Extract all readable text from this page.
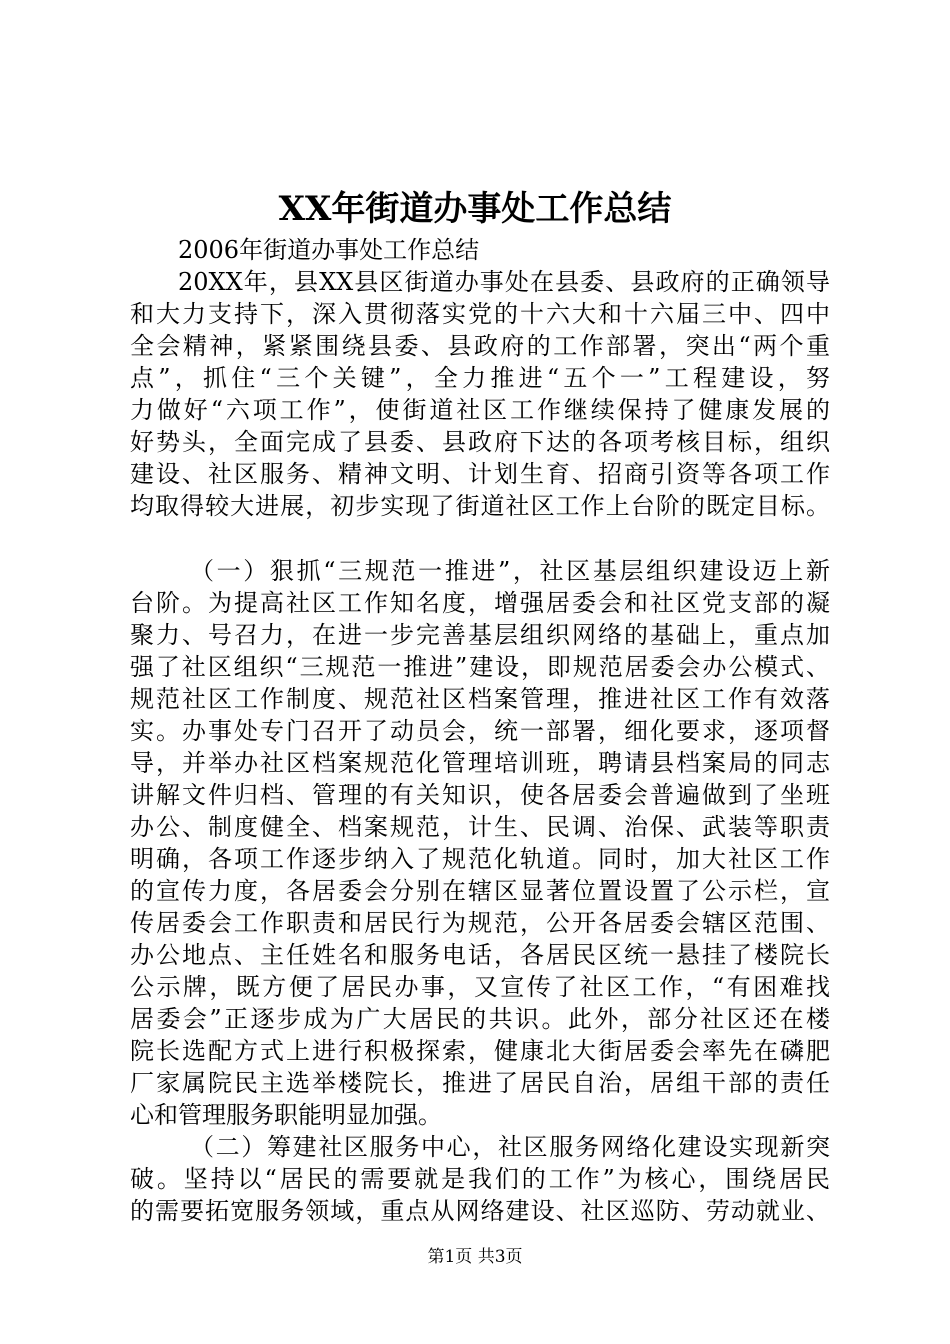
XX年街道办事处工作总结
2006年街道办事处工作总结
20XX年，县XX县区街道办事处在县委、县政府的正确领导
和大力支持下，深入贯彻落实党的十六大和十六届三中、四中
全会精神，紧紧围绕县委、县政府的工作部署，突出“两个重
点”，抓住“三个关键”，全力推进“五个一”工程建设，努
力做好“六项工作”，使街道社区工作继续保持了健康发展的
好势头，全面完成了县委、县政府下达的各项考核目标，组织
建设、社区服务、精神文明、计划生育、招商引资等各项工作
均取得较大进展，初步实现了街道社区工作上台阶的既定目标。
（一）狠抓“三规范一推进”，社区基层组织建设迈上新
台阶。为提高社区工作知名度，增强居委会和社区党支部的凝
聚力、号召力，在进一步完善基层组织网络的基础上，重点加
强了社区组织“三规范一推进”建设，即规范居委会办公模式、
规范社区工作制度、规范社区档案管理，推进社区工作有效落
实。办事处专门召开了动员会，统一部署，细化要求，逐项督
导，并举办社区档案规范化管理培训班，聘请县档案局的同志
讲解文件归档、管理的有关知识，使各居委会普遍做到了坐班
办公、制度健全、档案规范，计生、民调、治保、武装等职责
明确，各项工作逐步纳入了规范化轨道。同时，加大社区工作
的宣传力度，各居委会分别在辖区显著位置设置了公示栏，宣
传居委会工作职责和居民行为规范，公开各居委会辖区范围、
办公地点、主任姓名和服务电话，各居民区统一悬挂了楼院长
公示牌，既方便了居民办事，又宣传了社区工作，“有困难找
居委会”正逐步成为广大居民的共识。此外，部分社区还在楼
院长选配方式上进行积极探索，健康北大街居委会率先在磷肥
厂家属院民主选举楼院长，推进了居民自治，居组干部的责任
心和管理服务职能明显加强。
（二）筹建社区服务中心，社区服务网络化建设实现新突
破。坚持以“居民的需要就是我们的工作”为核心，围绕居民
的需要拓宽服务领域，重点从网络建设、社区巡防、劳动就业、
第1页 共3页
